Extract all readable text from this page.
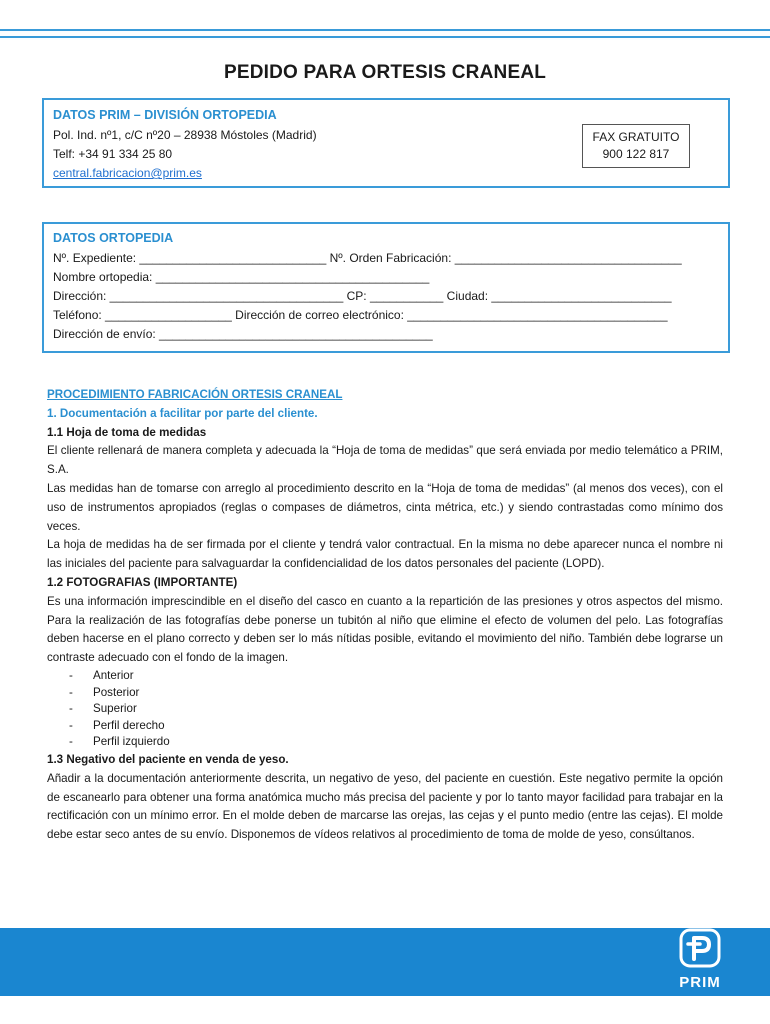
PEDIDO PARA ORTESIS CRANEAL
DATOS PRIM – DIVISIÓN ORTOPEDIA
Pol. Ind. nº1, c/C nº20 – 28938 Móstoles (Madrid)
Telf: +34 91 334 25 80
central.fabricacion@prim.es
FAX GRATUITO
900 122 817
DATOS ORTOPEDIA
Nº. Expediente: ____________________________ Nº. Orden Fabricación: __________________________________
Nombre ortopedia: _________________________________________
Dirección: ___________________________________ CP: ___________ Ciudad: ___________________________
Teléfono: ___________________ Dirección de correo electrónico: _______________________________________
Dirección de envío: _________________________________________
PROCEDIMIENTO FABRICACIÓN ORTESIS CRANEAL
1. Documentación a facilitar por parte del cliente.
1.1 Hoja de toma de medidas

El cliente rellenará de manera completa y adecuada la “Hoja de toma de medidas” que será enviada por medio telemático a PRIM, S.A.

Las medidas han de tomarse con arreglo al procedimiento descrito en la “Hoja de toma de medidas” (al menos dos veces), con el uso de instrumentos apropiados (reglas o compases de diámetros, cinta métrica, etc.) y siendo contrastadas como mínimo dos veces.

La hoja de medidas ha de ser firmada por el cliente y tendrá valor contractual. En la misma no debe aparecer nunca el nombre ni las iniciales del paciente para salvaguardar la confidencialidad de los datos personales del paciente (LOPD).

1.2 FOTOGRAFIAS (IMPORTANTE)

Es una información imprescindible en el diseño del casco en cuanto a la repartición de las presiones y otros aspectos del mismo. Para la realización de las fotografías debe ponerse un tubitón al niño que elimine el efecto de volumen del pelo. Las fotografías deben hacerse en el plano correcto y deben ser lo más nítidas posible, evitando el movimiento del niño. También debe lograrse un contraste adecuado con el fondo de la imagen.

- Anterior
- Posterior
- Superior
- Perfil derecho
- Perfil izquierdo
1.3 Negativo del paciente en venda de yeso.

Añadir a la documentación anteriormente descrita, un negativo de yeso, del paciente en cuestión. Este negativo permite la opción de escanearlo para obtener una forma anatómica mucho más precisa del paciente y por lo tanto mayor facilidad para trabajar en la rectificación con un mínimo error. En el molde deben de marcarse las orejas, las cejas y el punto medio (entre las cejas). El molde debe estar seco antes de su envío. Disponemos de vídeos relativos al procedimiento de toma de molde de yeso, consúltanos.

PRIM
